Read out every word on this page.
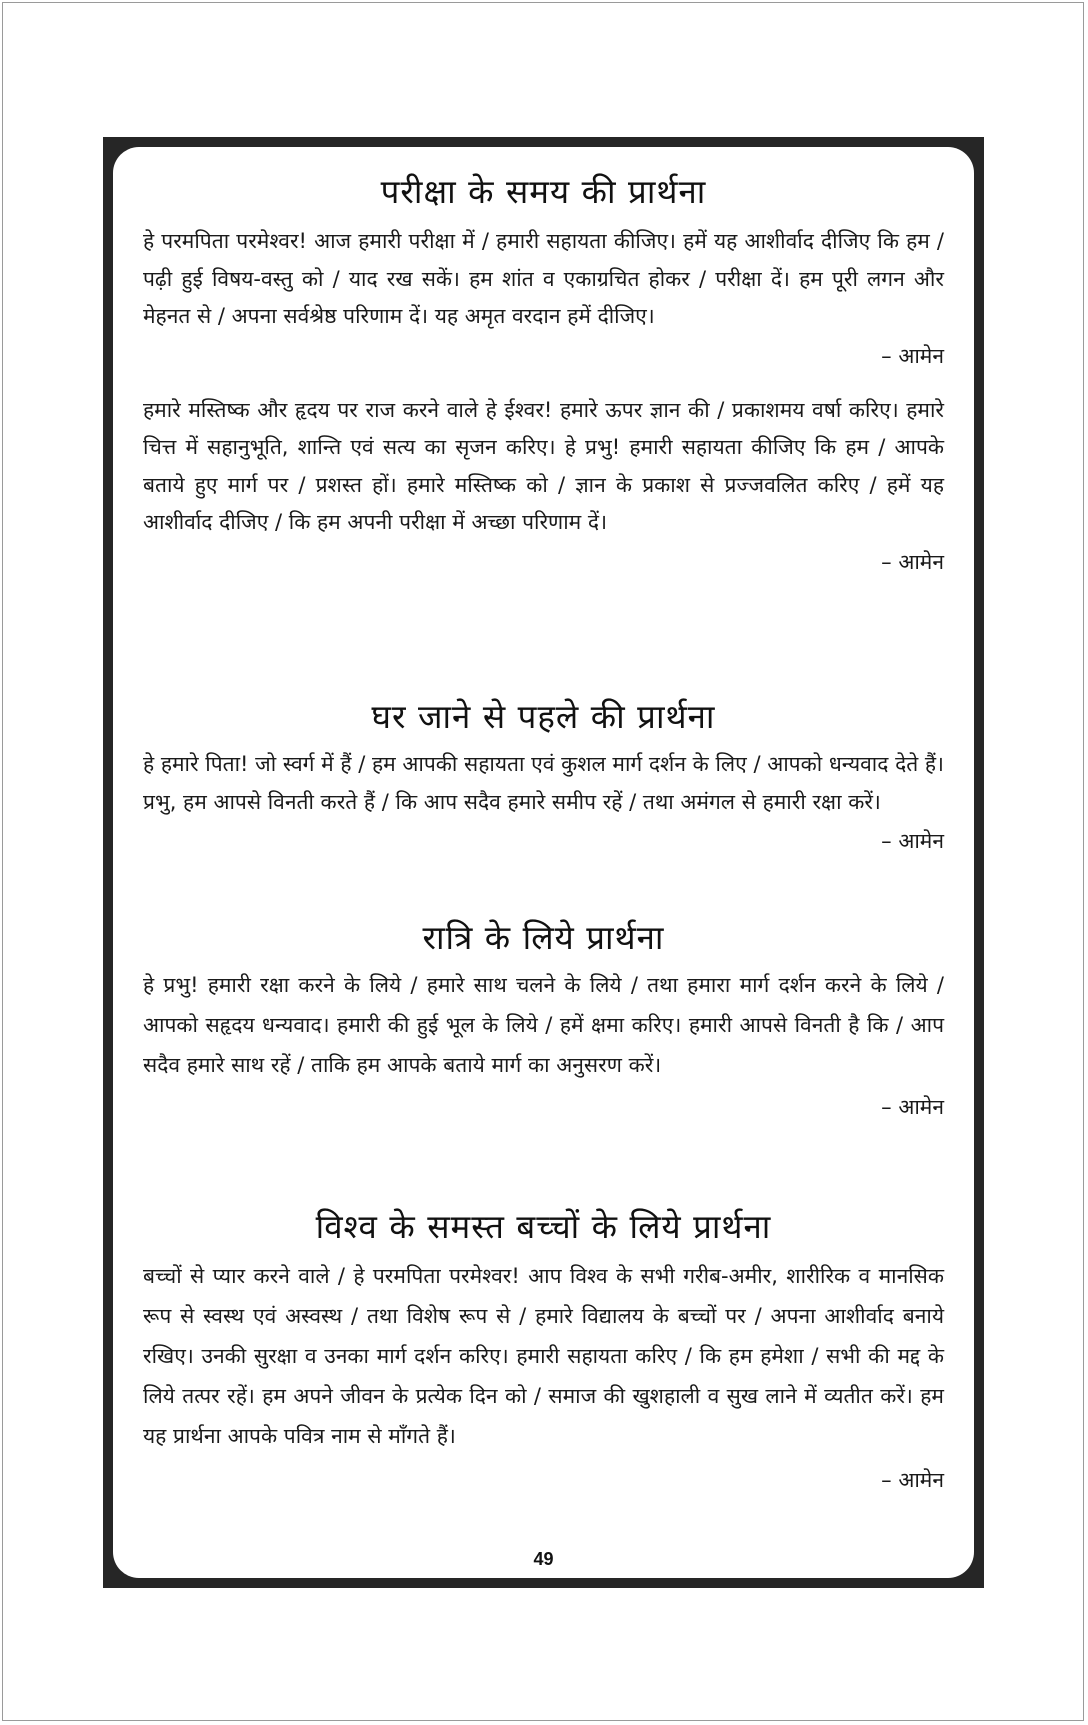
परीक्षा के समय की प्रार्थना

हे परमपिता परमेश्वर! आज हमारी परीक्षा में / हमारी सहायता कीजिए। हमें यह आशीर्वाद दीजिए कि हम / पढ़ी हुई विषय-वस्तु को / याद रख सकें। हम शांत व एकाग्रचित होकर / परीक्षा दें। हम पूरी लगन और मेहनत से / अपना सर्वश्रेष्ठ परिणाम दें। यह अमृत वरदान हमें दीजिए।

– आमेन

हमारे मस्तिष्क और हृदय पर राज करने वाले हे ईश्वर! हमारे ऊपर ज्ञान की / प्रकाशमय वर्षा करिए। हमारे चित्त में सहानुभूति, शान्ति एवं सत्य का सृजन करिए। हे प्रभु! हमारी सहायता कीजिए कि हम / आपके बताये हुए मार्ग पर / प्रशस्त हों। हमारे मस्तिष्क को / ज्ञान के प्रकाश से प्रज्जवलित करिए / हमें यह आशीर्वाद दीजिए / कि हम अपनी परीक्षा में अच्छा परिणाम दें।

– आमेन
घर जाने से पहले की प्रार्थना

हे हमारे पिता! जो स्वर्ग में हैं / हम आपकी सहायता एवं कुशल मार्ग दर्शन के लिए / आपको धन्यवाद देते हैं। प्रभु, हम आपसे विनती करते हैं / कि आप सदैव हमारे समीप रहें / तथा अमंगल से हमारी रक्षा करें।

– आमेन
रात्रि के लिये प्रार्थना

हे प्रभु! हमारी रक्षा करने के लिये / हमारे साथ चलने के लिये / तथा हमारा मार्ग दर्शन करने के लिये / आपको सहृदय धन्यवाद। हमारी की हुई भूल के लिये / हमें क्षमा करिए। हमारी आपसे विनती है कि / आप सदैव हमारे साथ रहें / ताकि हम आपके बताये मार्ग का अनुसरण करें।

– आमेन
विश्व के समस्त बच्चों के लिये प्रार्थना

बच्चों से प्यार करने वाले / हे परमपिता परमेश्वर! आप विश्व के सभी गरीब-अमीर, शारीरिक व मानसिक रूप से स्वस्थ एवं अस्वस्थ / तथा विशेष रूप से / हमारे विद्यालय के बच्चों पर / अपना आशीर्वाद बनाये रखिए। उनकी सुरक्षा व उनका मार्ग दर्शन करिए। हमारी सहायता करिए / कि हम हमेशा / सभी की मद्द के लिये तत्पर रहें। हम अपने जीवन के प्रत्येक दिन को / समाज की खुशहाली व सुख लाने में व्यतीत करें। हम यह प्रार्थना आपके पवित्र नाम से माँगते हैं।

– आमेन
49
